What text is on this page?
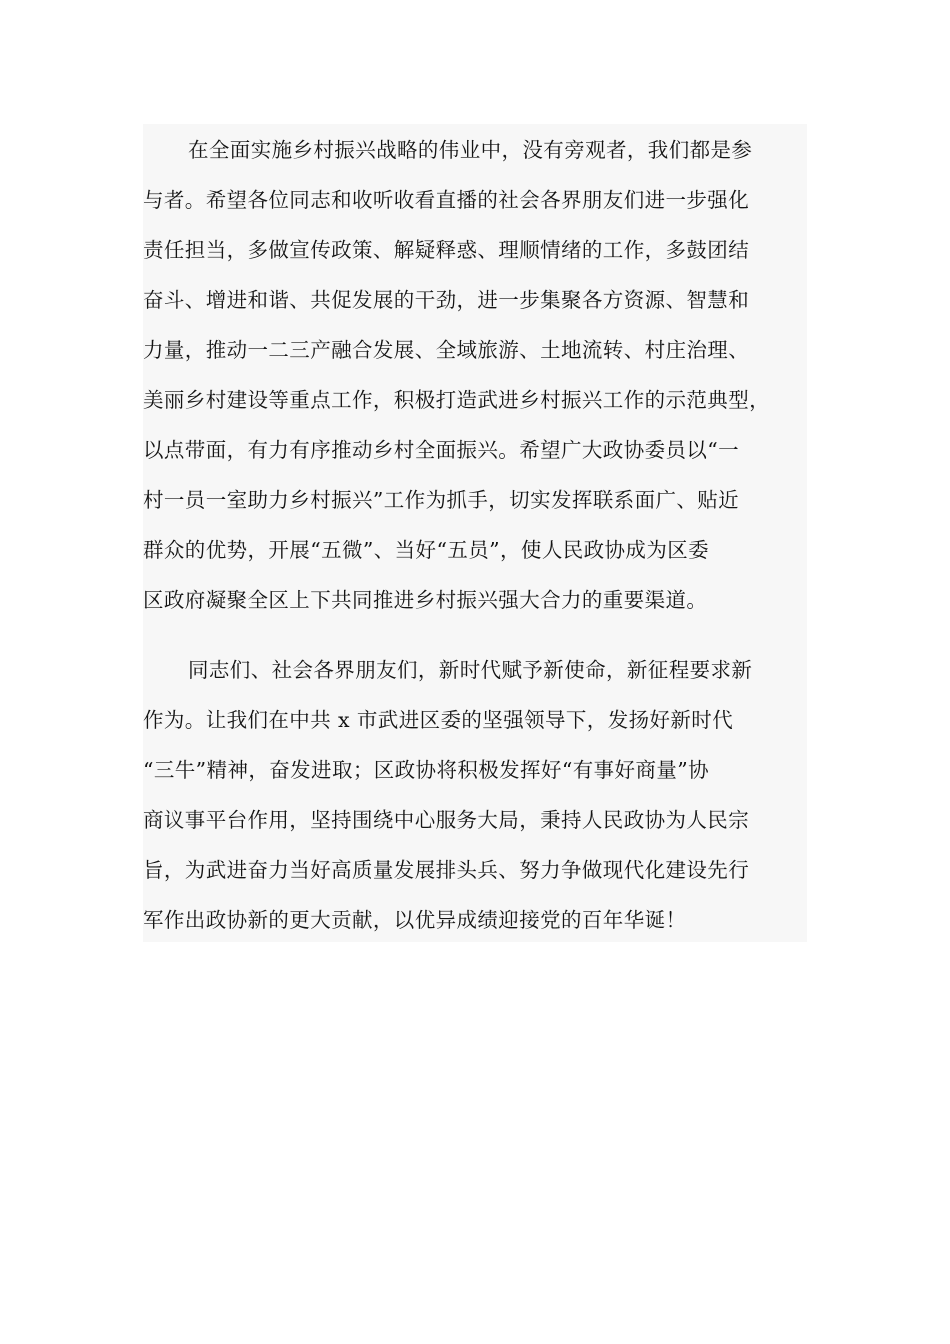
在全面实施乡村振兴战略的伟业中，没有旁观者，我们都是参
与者。希望各位同志和收听收看直播的社会各界朋友们进一步强化
责任担当，多做宣传政策、解疑释惑、理顺情绪的工作，多鼓团结
奋斗、增进和谐、共促发展的干劲，进一步集聚各方资源、智慧和
力量，推动一二三产融合发展、全域旅游、土地流转、村庄治理、
美丽乡村建设等重点工作，积极打造武进乡村振兴工作的示范典型，
以点带面，有力有序推动乡村全面振兴。希望广大政协委员以“一
村一员一室助力乡村振兴”工作为抓手，切实发挥联系面广、贴近
群众的优势，开展“五微”、当好“五员”，使人民政协成为区委
区政府凝聚全区上下共同推进乡村振兴强大合力的重要渠道。
同志们、社会各界朋友们，新时代赋予新使命，新征程要求新
作为。让我们在中共 x 市武进区委的坚强领导下，发扬好新时代
“三牛”精神，奋发进取；区政协将积极发挥好“有事好商量”协
商议事平台作用，坚持围绕中心服务大局，秉持人民政协为人民宗
旨，为武进奋力当好高质量发展排头兵、努力争做现代化建设先行
军作出政协新的更大贡献，以优异成绩迎接党的百年华诞！
